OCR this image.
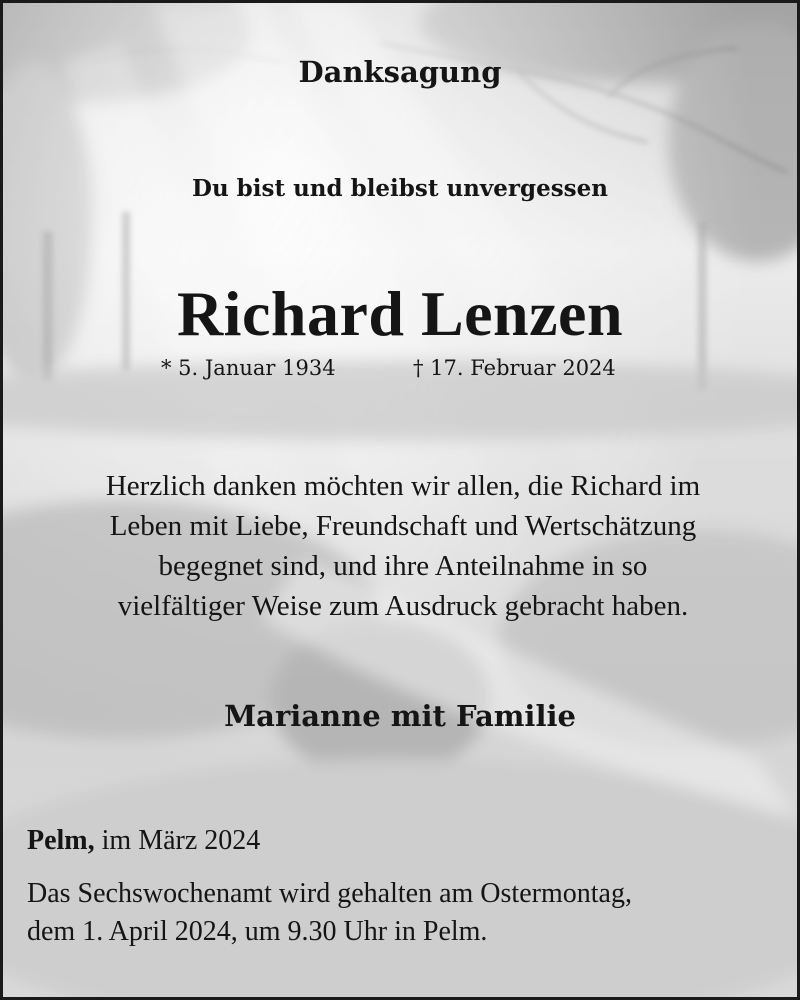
Danksagung
Du bist und bleibst unvergessen
Richard Lenzen
* 5. Januar 1934	† 17. Februar 2024
Herzlich danken möchten wir allen, die Richard im
Leben mit Liebe, Freundschaft und Wertschätzung
begegnet sind, und ihre Anteilnahme in so
vielfältiger Weise zum Ausdruck gebracht haben.
Marianne mit Familie
Pelm, im März 2024
Das Sechswochenamt wird gehalten am Ostermontag,
dem 1. April 2024, um 9.30 Uhr in Pelm.
